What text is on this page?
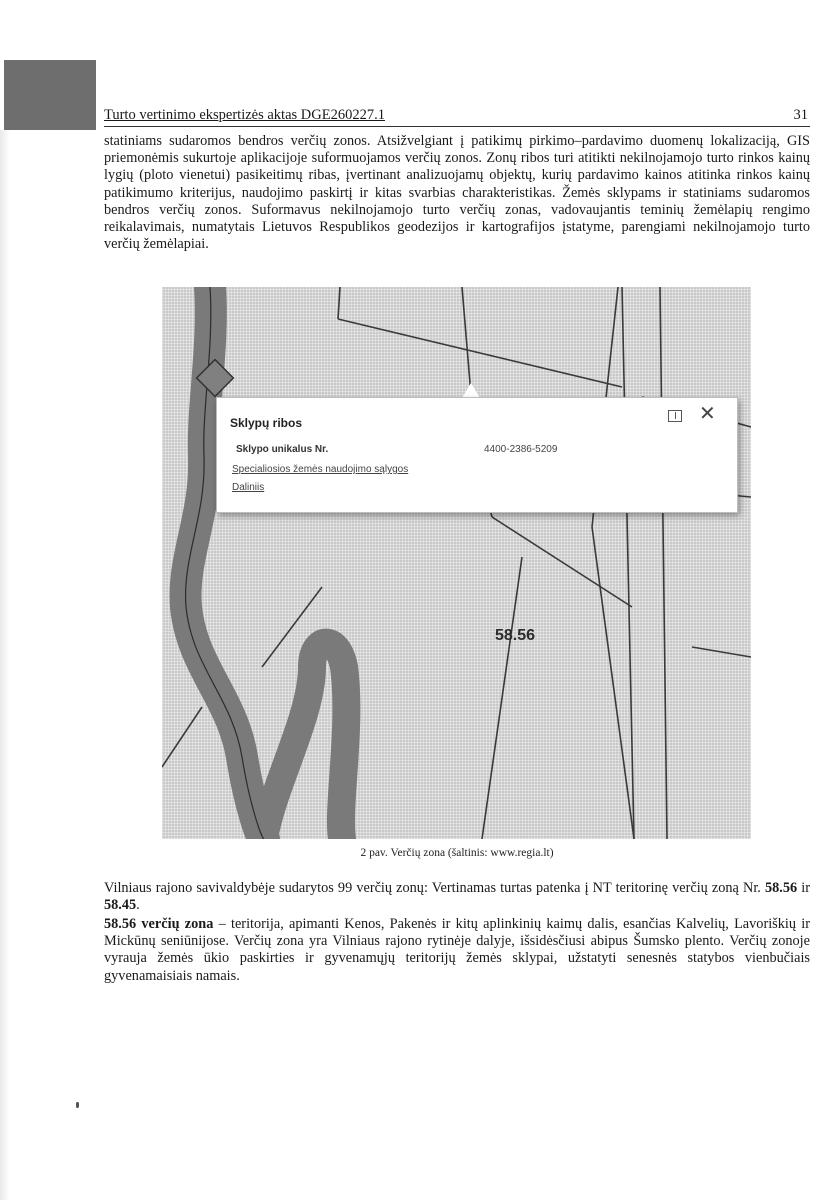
Turto vertinimo ekspertizės aktas DGE260227.1	31

statiniams sudaromos bendros verčių zonos. Atsižvelgiant į patikimų pirkimo–pardavimo duomenų lokalizaciją, GIS priemonėmis sukurtoje aplikacijoje suformuojamos verčių zonos. Zonų ribos turi atitikti nekilnojamojo turto rinkos kainų lygių (ploto vienetui) pasikeitimų ribas, įvertinant analizuojamų objektų, kurių pardavimo kainos atitinka rinkos kainų patikimumo kriterijus, naudojimo paskirtį ir kitas svarbias charakteristikas. Žemės sklypams ir statiniams sudaromos bendros verčių zonos. Suformavus nekilnojamojo turto verčių zonas, vadovaujantis teminių žemėlapių rengimo reikalavimais, numatytais Lietuvos Respublikos geodezijos ir kartografijos įstatyme, parengiami nekilnojamojo turto verčių žemėlapiai.

58.56
Sklypų ribos
Sklypo unikalus Nr.	4400-2386-5209
Specialiosios žemės naudojimo sąlygos
Daliniis
✕
2 pav. Verčių zona (šaltinis: www.regia.lt)

Vilniaus rajono savivaldybėje sudarytos 99 verčių zonų: Vertinamas turtas patenka į NT teritorinę verčių zoną Nr. 58.56 ir 58.45.

58.56 verčių zona – teritorija, apimanti Kenos, Pakenės ir kitų aplinkinių kaimų dalis, esančias Kalvelių, Lavoriškių ir Mickūnų seniūnijose. Verčių zona yra Vilniaus rajono rytinėje dalyje, išsidėsčiusi abipus Šumsko plento. Verčių zonoje vyrauja žemės ūkio paskirties ir gyvenamųjų teritorijų žemės sklypai, užstatyti senesnės statybos vienbučiais gyvenamaisiais namais.
